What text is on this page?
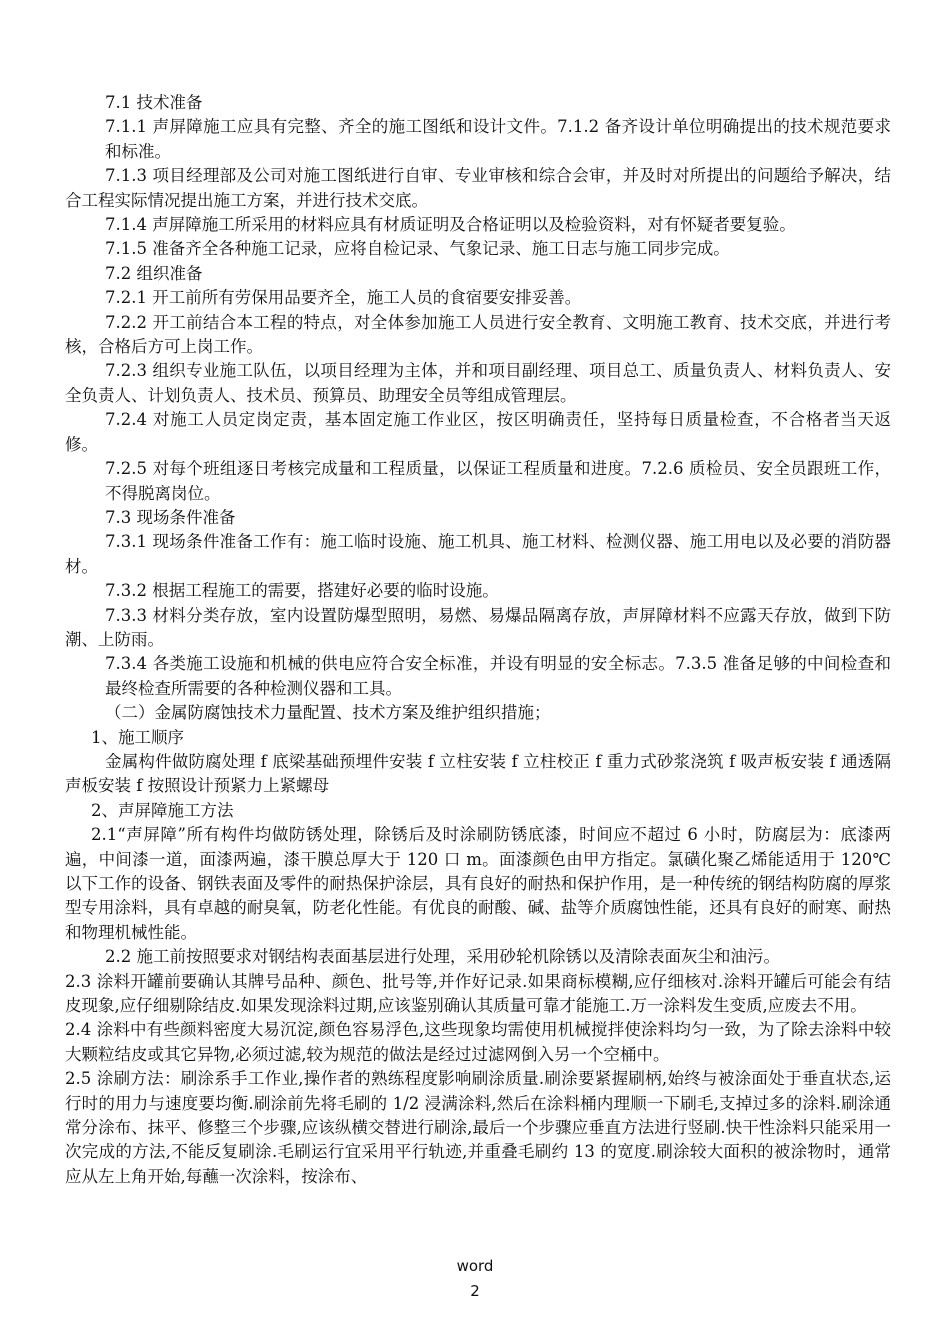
7.1 技术准备

7.1.1 声屏障施工应具有完整、齐全的施工图纸和设计文件。7.1.2 备齐设计单位明确提出的技术规范要求和标准。

7.1.3 项目经理部及公司对施工图纸进行自审、专业审核和综合会审，并及时对所提出的问题给予解决，结合工程实际情况提出施工方案，并进行技术交底。

7.1.4 声屏障施工所采用的材料应具有材质证明及合格证明以及检验资料，对有怀疑者要复验。

7.1.5 准备齐全各种施工记录，应将自检记录、气象记录、施工日志与施工同步完成。

7.2 组织准备

7.2.1 开工前所有劳保用品要齐全，施工人员的食宿要安排妥善。

7.2.2 开工前结合本工程的特点，对全体参加施工人员进行安全教育、文明施工教育、技术交底，并进行考核，合格后方可上岗工作。

7.2.3 组织专业施工队伍，以项目经理为主体，并和项目副经理、项目总工、质量负责人、材料负责人、安全负责人、计划负责人、技术员、预算员、助理安全员等组成管理层。

7.2.4 对施工人员定岗定责，基本固定施工作业区，按区明确责任，坚持每日质量检查，不合格者当天返修。

7.2.5 对每个班组逐日考核完成量和工程质量，以保证工程质量和进度。7.2.6 质检员、安全员跟班工作，不得脱离岗位。

7.3 现场条件准备

7.3.1 现场条件准备工作有：施工临时设施、施工机具、施工材料、检测仪器、施工用电以及必要的消防器材。

7.3.2 根据工程施工的需要，搭建好必要的临时设施。

7.3.3 材料分类存放，室内设置防爆型照明，易燃、易爆品隔离存放，声屏障材料不应露天存放，做到下防潮、上防雨。

7.3.4 各类施工设施和机械的供电应符合安全标准，并设有明显的安全标志。7.3.5 准备足够的中间检查和最终检查所需要的各种检测仪器和工具。

（二）金属防腐蚀技术力量配置、技术方案及维护组织措施；

1、施工顺序

金属构件做防腐处理 f 底梁基础预埋件安装 f 立柱安装 f 立柱校正 f 重力式砂浆浇筑 f 吸声板安装 f 通透隔声板安装 f 按照设计预紧力上紧螺母

2、声屏障施工方法

2.1“声屏障”所有构件均做防锈处理，除锈后及时涂刷防锈底漆，时间应不超过 6 小时，防腐层为：底漆两遍，中间漆一道，面漆两遍，漆干膜总厚大于 120 口 m。面漆颜色由甲方指定。氯磺化聚乙烯能适用于 120℃ 以下工作的设备、钢铁表面及零件的耐热保护涂层，具有良好的耐热和保护作用，是一种传统的钢结构防腐的厚浆型专用涂料，具有卓越的耐臭氧，防老化性能。有优良的耐酸、碱、盐等介质腐蚀性能，还具有良好的耐寒、耐热和物理机械性能。

2.2 施工前按照要求对钢结构表面基层进行处理，采用砂轮机除锈以及清除表面灰尘和油污。

2.3 涂料开罐前要确认其牌号品种、颜色、批号等,并作好记录.如果商标模糊,应仔细核对.涂料开罐后可能会有结皮现象,应仔细剔除结皮.如果发现涂料过期,应该鉴别确认其质量可靠才能施工.万一涂料发生变质,应废去不用。

2.4 涂料中有些颜料密度大易沉淀,颜色容易浮色,这些现象均需使用机械搅拌使涂料均匀一致，为了除去涂料中较大颗粒结皮或其它异物,必须过滤,较为规范的做法是经过过滤网倒入另一个空桶中。

2.5 涂刷方法：刷涂系手工作业,操作者的熟练程度影响刷涂质量.刷涂要紧握刷柄,始终与被涂面处于垂直状态,运行时的用力与速度要均衡.刷涂前先将毛刷的 1/2 浸满涂料,然后在涂料桶内理顺一下刷毛,支掉过多的涂料.刷涂通常分涂布、抹平、修整三个步骤,应该纵横交替进行刷涂,最后一个步骤应垂直方法进行竖刷.快干性涂料只能采用一次完成的方法,不能反复刷涂.毛刷运行宜采用平行轨迹,并重叠毛刷约 13 的宽度.刷涂较大面积的被涂物时，通常应从左上角开始,每蘸一次涂料，按涂布、

word
2
